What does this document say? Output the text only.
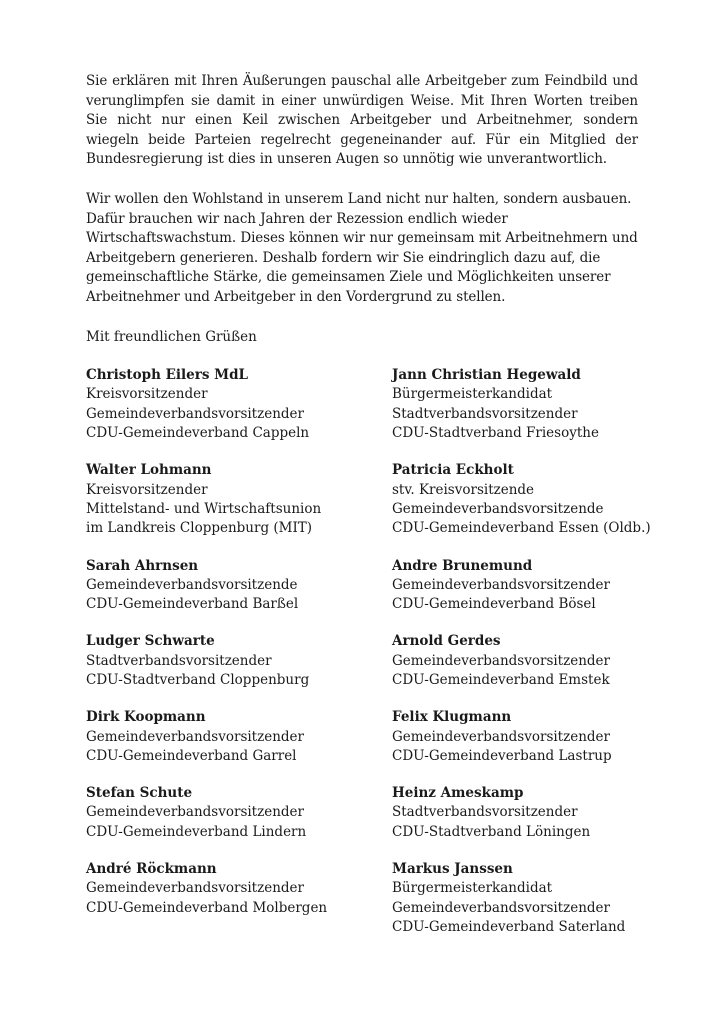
Sie erklären mit Ihren Äußerungen pauschal alle Arbeitgeber zum Feindbild und verunglimpfen sie damit in einer unwürdigen Weise. Mit Ihren Worten treiben Sie nicht nur einen Keil zwischen Arbeitgeber und Arbeitnehmer, sondern wiegeln beide Parteien regelrecht gegeneinander auf. Für ein Mitglied der Bundesregierung ist dies in unseren Augen so unnötig wie unverantwortlich.

Wir wollen den Wohlstand in unserem Land nicht nur halten, sondern ausbauen. Dafür brauchen wir nach Jahren der Rezession endlich wieder Wirtschaftswachstum. Dieses können wir nur gemeinsam mit Arbeitnehmern und Arbeitgebern generieren. Deshalb fordern wir Sie eindringlich dazu auf, die gemeinschaftliche Stärke, die gemeinsamen Ziele und Möglichkeiten unserer Arbeitnehmer und Arbeitgeber in den Vordergrund zu stellen.

Mit freundlichen Grüßen

Christoph Eilers MdL
Kreisvorsitzender
Gemeindeverbandsvorsitzender
CDU-Gemeindeverband Cappeln
Jann Christian Hegewald
Bürgermeisterkandidat
Stadtverbandsvorsitzender
CDU-Stadtverband Friesoythe
Walter Lohmann
Kreisvorsitzender
Mittelstand- und Wirtschaftsunion
im Landkreis Cloppenburg (MIT)
Patricia Eckholt
stv. Kreisvorsitzende
Gemeindeverbandsvorsitzende
CDU-Gemeindeverband Essen (Oldb.)
Sarah Ahrnsen
Gemeindeverbandsvorsitzende
CDU-Gemeindeverband Barßel
Andre Brunemund
Gemeindeverbandsvorsitzender
CDU-Gemeindeverband Bösel
Ludger Schwarte
Stadtverbandsvorsitzender
CDU-Stadtverband Cloppenburg
Arnold Gerdes
Gemeindeverbandsvorsitzender
CDU-Gemeindeverband Emstek
Dirk Koopmann
Gemeindeverbandsvorsitzender
CDU-Gemeindeverband Garrel
Felix Klugmann
Gemeindeverbandsvorsitzender
CDU-Gemeindeverband Lastrup
Stefan Schute
Gemeindeverbandsvorsitzender
CDU-Gemeindeverband Lindern
Heinz Ameskamp
Stadtverbandsvorsitzender
CDU-Stadtverband Löningen
André Röckmann
Gemeindeverbandsvorsitzender
CDU-Gemeindeverband Molbergen
Markus Janssen
Bürgermeisterkandidat
Gemeindeverbandsvorsitzender
CDU-Gemeindeverband Saterland
